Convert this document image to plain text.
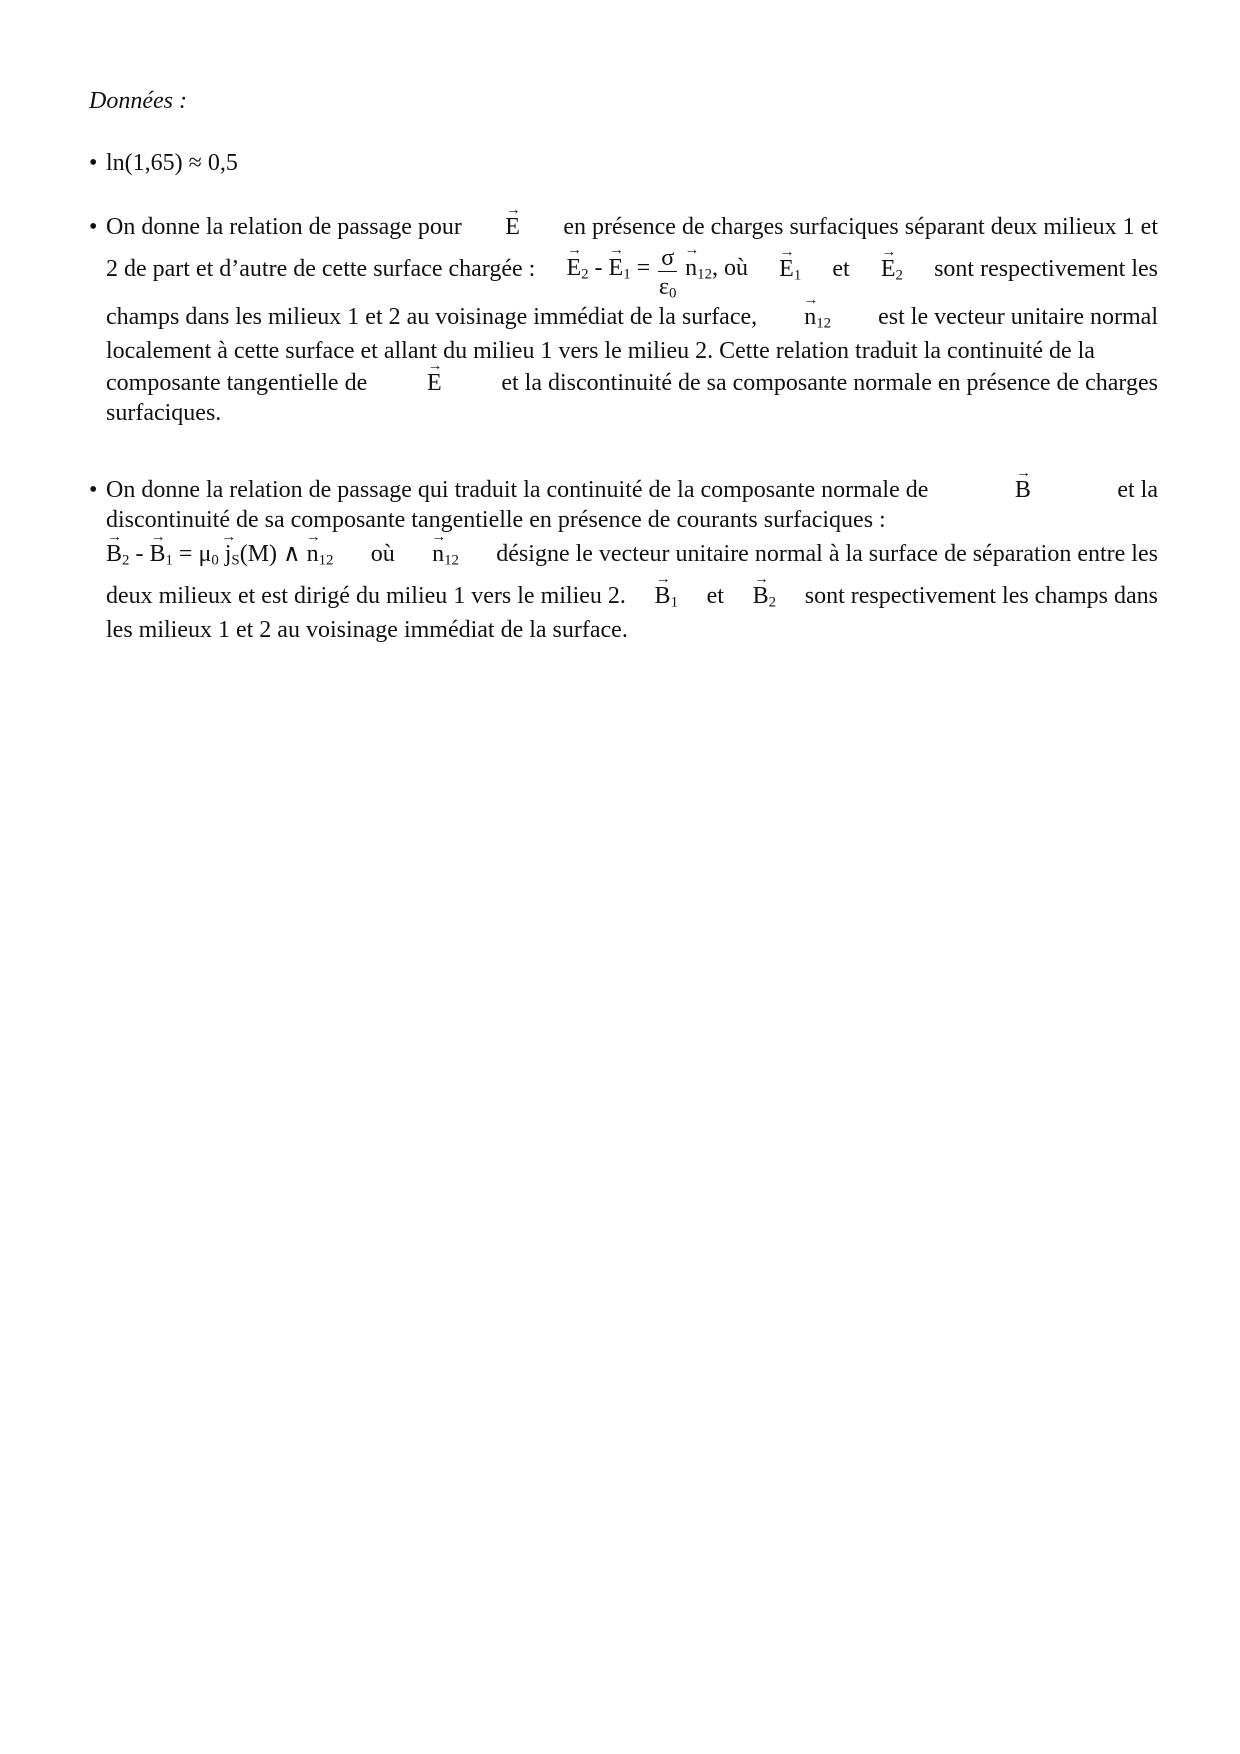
Données :
• ln(1,65) ≈ 0,5
• On donne la relation de passage pour
→ E en présence de charges surfaciques séparant deux milieux 1 et
2 de part et d’autre de cette surface chargée :
→ $E_2$ - → $E_1 = \frac{\sigma}{\varepsilon_0}$
→ $n_{12}$, où
→ $E_1$ et
→ $E_2$ sont respectivement les
champs dans les milieux 1 et 2 au voisinage immédiat de la surface,
→ $n_{12}$ est le vecteur unitaire normal
localement à cette surface et allant du milieu 1 vers le milieu 2. Cette relation traduit la continuité de la
composante tangentielle de
→ E et la discontinuité de sa composante normale en présence de charges
surfaciques.
• On donne la relation de passage qui traduit la continuité de la composante normale de
→	B	et la
discontinuité de sa composante tangentielle en présence de courants surfaciques :
→ $B_2$ - → $B_1 = \mu_0 \to j_S(M)$ ∧ → $n_{12}$ où
→ $n_{12}$ désigne le vecteur unitaire normal à la surface de séparation entre les
deux milieux et est dirigé du milieu 1 vers le milieu 2.
→ $B_1$ et
→ $B_2$ sont respectivement les champs dans
les milieux 1 et 2 au voisinage immédiat de la surface.
